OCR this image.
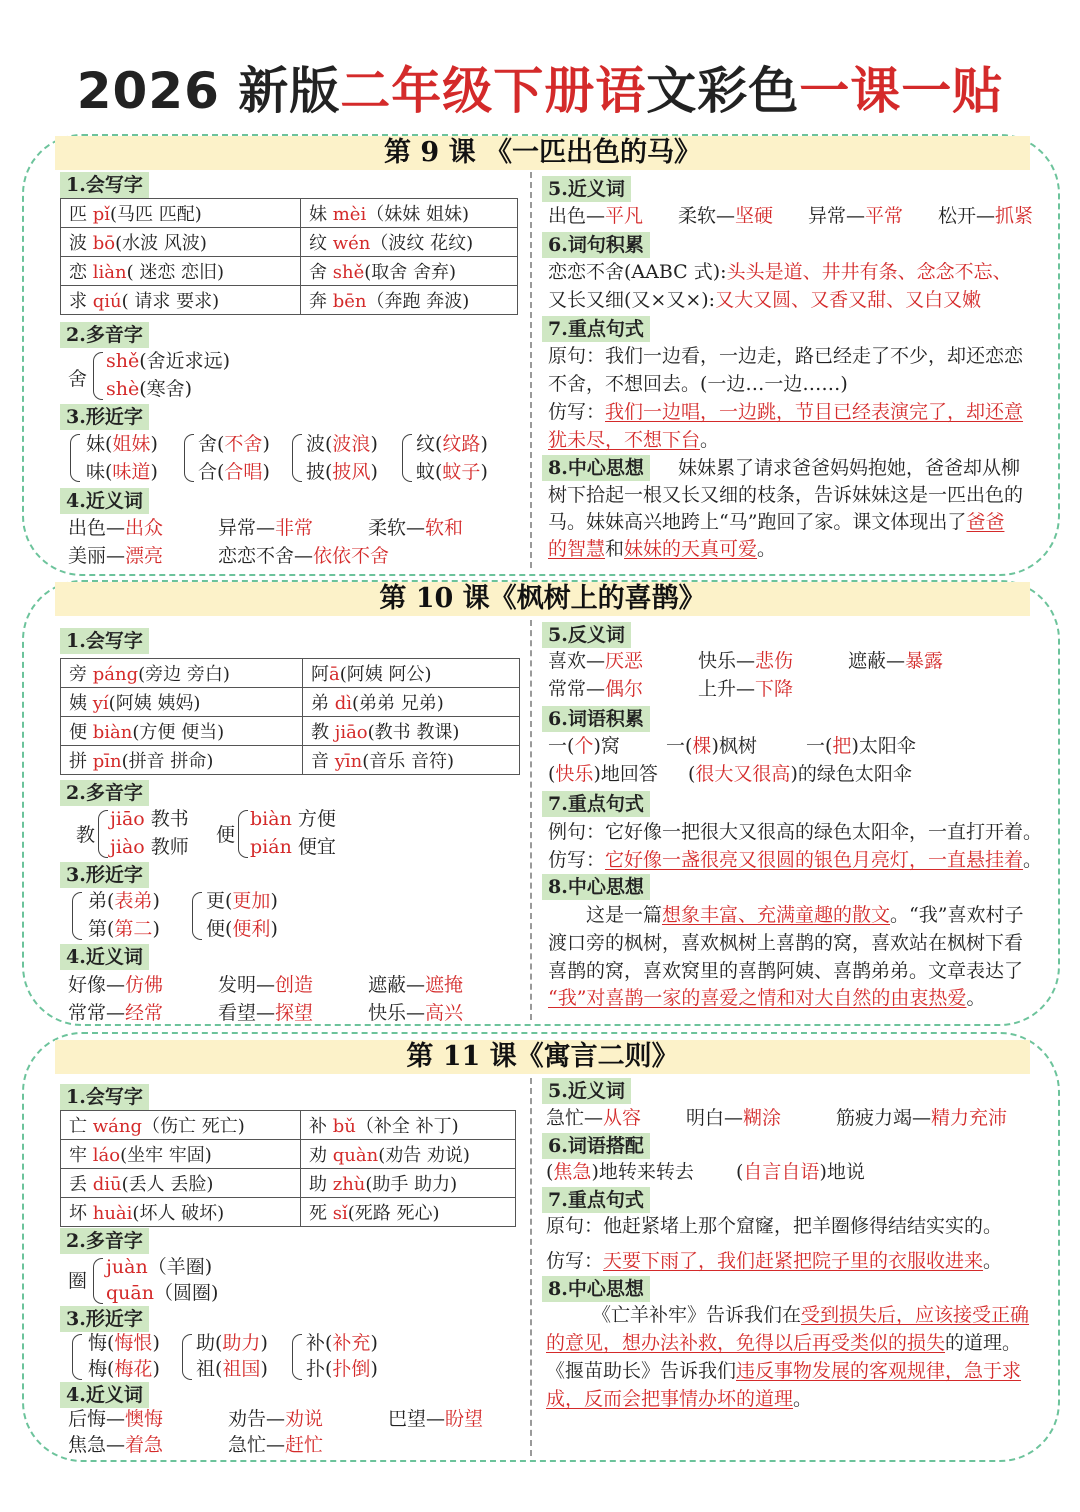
2026 新版二年级下册语文彩色一课一贴
第 9 课 《一匹出色的马》
1.会写字
匹 pǐ(马匹 匹配)	妹 mèi（妹妹 姐妹)
波 bō(水波 风波)	纹 wén（波纹 花纹)
恋 liàn( 迷恋 恋旧)	舍 shě(取舍 舍弃)
求 qiú( 请求 要求)	奔 bēn（奔跑 奔波)
2.多音字
舍
shě(舍近求远)
shè(寒舍)
3.形近字
妹(姐妹)
味(味道)
舍(不舍)
合(合唱)
波(波浪)
披(披风)
纹(纹路)
蚊(蚊子)
4.近义词
出色—出众	异常—非常	柔软—软和
美丽—漂亮	恋恋不舍—依依不舍
5.近义词
出色—平凡 柔软—坚硬 异常—平常 松开—抓紧
6.词句积累
恋恋不舍(AABC 式):头头是道、井井有条、念念不忘、
又长又细(又×又×):又大又圆、又香又甜、又白又嫩
7.重点句式
原句：我们一边看，一边走，路已经走了不少，却还恋恋
不舍，不想回去。(一边…一边……)
仿写：我们一边唱，一边跳，节目已经表演完了，却还意
犹未尽，不想下台。
8.中心思想	妹妹累了请求爸爸妈妈抱她，爸爸却从柳
树下拾起一根又长又细的枝条，告诉妹妹这是一匹出色的
马。妹妹高兴地跨上“马”跑回了家。课文体现出了爸爸
的智慧和妹妹的天真可爱。
第 10 课《枫树上的喜鹊》
1.会写字
旁 páng(旁边 旁白)	阿ā(阿姨 阿公)
姨 yí(阿姨 姨妈)	弟 dì(弟弟 兄弟)
便 biàn(方便 便当)	教 jiāo(教书 教课)
拼 pīn(拼音 拼命)	音 yīn(音乐 音符)
2.多音字
教
jiāo 教书
jiào 教师
便
biàn 方便
pián 便宜
3.形近字
弟(表弟)
第(第二)
更(更加)
便(便利)
4.近义词
好像—仿佛	发明—创造	遮蔽—遮掩
常常—经常	看望—探望	快乐—高兴
5.反义词
喜欢—厌恶	快乐—悲伤	遮蔽—暴露
常常—偶尔	上升—下降
6.词语积累
一(个)窝 一(棵)枫树	一(把)太阳伞
(快乐)地回答 (很大又很高)的绿色太阳伞
7.重点句式
例句：它好像一把很大又很高的绿色太阳伞，一直打开着。
仿写：它好像一盏很亮又很圆的银色月亮灯，一直悬挂着。
8.中心思想
这是一篇想象丰富、充满童趣的散文。“我”喜欢村子
渡口旁的枫树，喜欢枫树上喜鹊的窝，喜欢站在枫树下看
喜鹊的窝，喜欢窝里的喜鹊阿姨、喜鹊弟弟。文章表达了
“我”对喜鹊一家的喜爱之情和对大自然的由衷热爱。
第 11 课《寓言二则》
1.会写字
亡 wáng（伤亡 死亡)	补 bǔ（补全 补丁)
牢 láo(坐牢 牢固)	劝 quàn(劝告 劝说)
丢 diū(丢人 丢脸)	助 zhù(助手 助力)
坏 huài(坏人 破坏)	死 sǐ(死路 死心)
2.多音字
圈
juàn（羊圈)
quān（圆圈)
3.形近字
悔(悔恨)
梅(梅花)
助(助力)
祖(祖国)
补(补充)
扑(扑倒)
4.近义词
后悔—懊悔	劝告—劝说	巴望—盼望
焦急—着急	急忙—赶忙
5.近义词
急忙—从容 明白—糊涂	筋疲力竭—精力充沛
6.词语搭配
(焦急)地转来转去 (自言自语)地说
7.重点句式
原句：他赶紧堵上那个窟窿，把羊圈修得结结实实的。
仿写：天要下雨了，我们赶紧把院子里的衣服收进来。
8.中心思想
《亡羊补牢》告诉我们在受到损失后，应该接受正确
的意见，想办法补救，免得以后再受类似的损失的道理。
《揠苗助长》告诉我们违反事物发展的客观规律，急于求
成，反而会把事情办坏的道理。
